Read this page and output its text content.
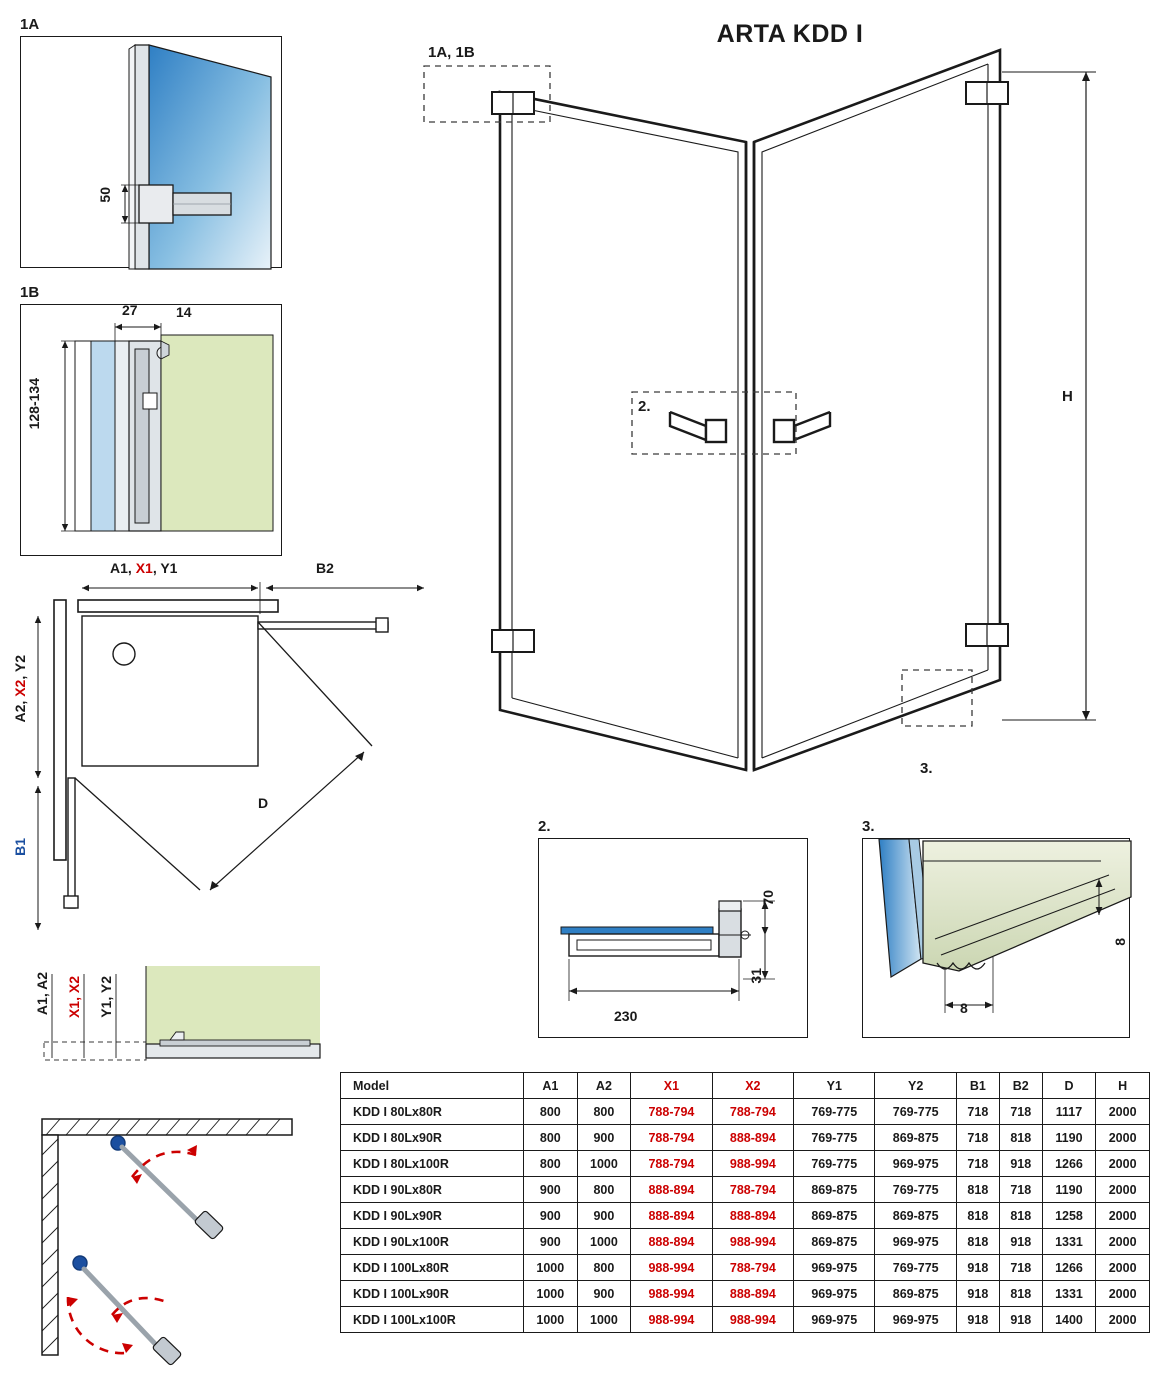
ARTA KDD I
1A
50
1B
128-134
27	14
A1, X1, Y1	B2
A2, X2, Y2
B1
D
A1, A2 X1, X2 Y1, Y2
1A, 1B
2.
3.
H
2.
230
70
31
3.
8
8
Model	A1	A2	X1	X2	Y1	Y2	B1	B2	D	H
KDD I 80Lx80R	800	800	788-794	788-794	769-775	769-775	718	718	1117	2000
KDD I 80Lx90R	800	900	788-794	888-894	769-775	869-875	718	818	1190	2000
KDD I 80Lx100R	800	1000	788-794	988-994	769-775	969-975	718	918	1266	2000
KDD I 90Lx80R	900	800	888-894	788-794	869-875	769-775	818	718	1190	2000
KDD I 90Lx90R	900	900	888-894	888-894	869-875	869-875	818	818	1258	2000
KDD I 90Lx100R	900	1000	888-894	988-994	869-875	969-975	818	918	1331	2000
KDD I 100Lx80R	1000	800	988-994	788-794	969-975	769-775	918	718	1266	2000
KDD I 100Lx90R	1000	900	988-994	888-894	969-975	869-875	918	818	1331	2000
KDD I 100Lx100R	1000	1000	988-994	988-994	969-975	969-975	918	918	1400	2000
